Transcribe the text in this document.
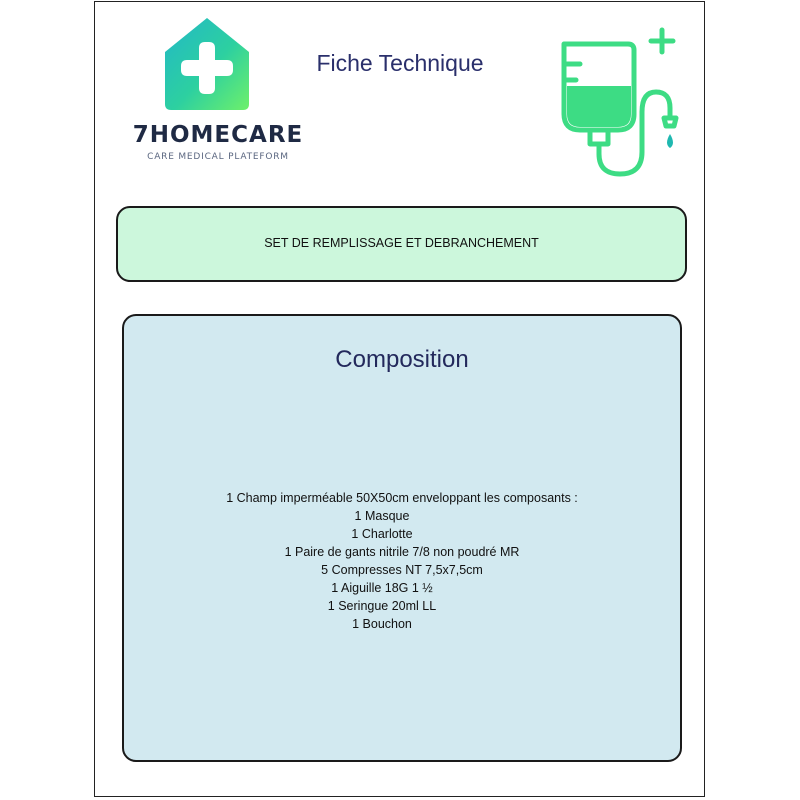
7HOMECARE
CARE MEDICAL PLATEFORM
Fiche Technique
SET DE REMPLISSAGE ET DEBRANCHEMENT
Composition
1 Champ imperméable 50X50cm enveloppant les composants :
1 Masque
1 Charlotte
1 Paire de gants nitrile 7/8 non poudré MR
5 Compresses NT 7,5x7,5cm
1 Aiguille 18G 1 ½
1 Seringue 20ml LL
1 Bouchon
